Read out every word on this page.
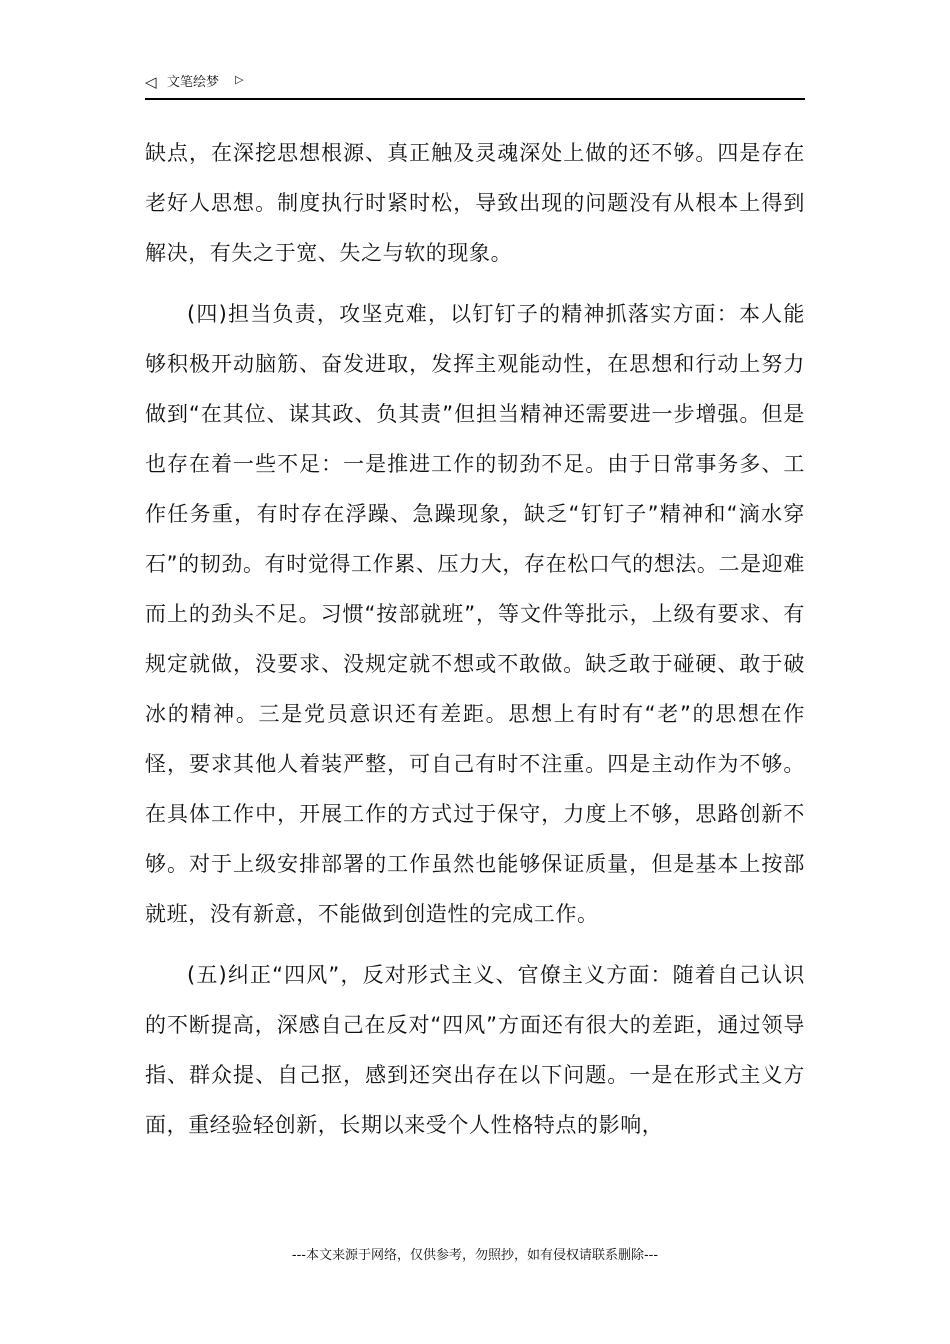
◁ 文笔绘梦 ▷

缺点，在深挖思想根源、真正触及灵魂深处上做的还不够。四是存在老好人思想。制度执行时紧时松，导致出现的问题没有从根本上得到解决，有失之于宽、失之与软的现象。

(四)担当负责，攻坚克难，以钉钉子的精神抓落实方面：本人能够积极开动脑筋、奋发进取，发挥主观能动性，在思想和行动上努力做到“在其位、谋其政、负其责”但担当精神还需要进一步增强。但是也存在着一些不足：一是推进工作的韧劲不足。由于日常事务多、工作任务重，有时存在浮躁、急躁现象，缺乏“钉钉子”精神和“滴水穿石”的韧劲。有时觉得工作累、压力大，存在松口气的想法。二是迎难而上的劲头不足。习惯“按部就班”，等文件等批示，上级有要求、有规定就做，没要求、没规定就不想或不敢做。缺乏敢于碰硬、敢于破冰的精神。三是党员意识还有差距。思想上有时有“老”的思想在作怪，要求其他人着装严整，可自己有时不注重。四是主动作为不够。在具体工作中，开展工作的方式过于保守，力度上不够，思路创新不够。对于上级安排部署的工作虽然也能够保证质量，但是基本上按部就班，没有新意，不能做到创造性的完成工作。

(五)纠正“四风”，反对形式主义、官僚主义方面：随着自己认识的不断提高，深感自己在反对“四风”方面还有很大的差距，通过领导指、群众提、自己抠，感到还突出存在以下问题。一是在形式主义方面，重经验轻创新，长期以来受个人性格特点的影响，

---本文来源于网络，仅供参考，勿照抄，如有侵权请联系删除---
